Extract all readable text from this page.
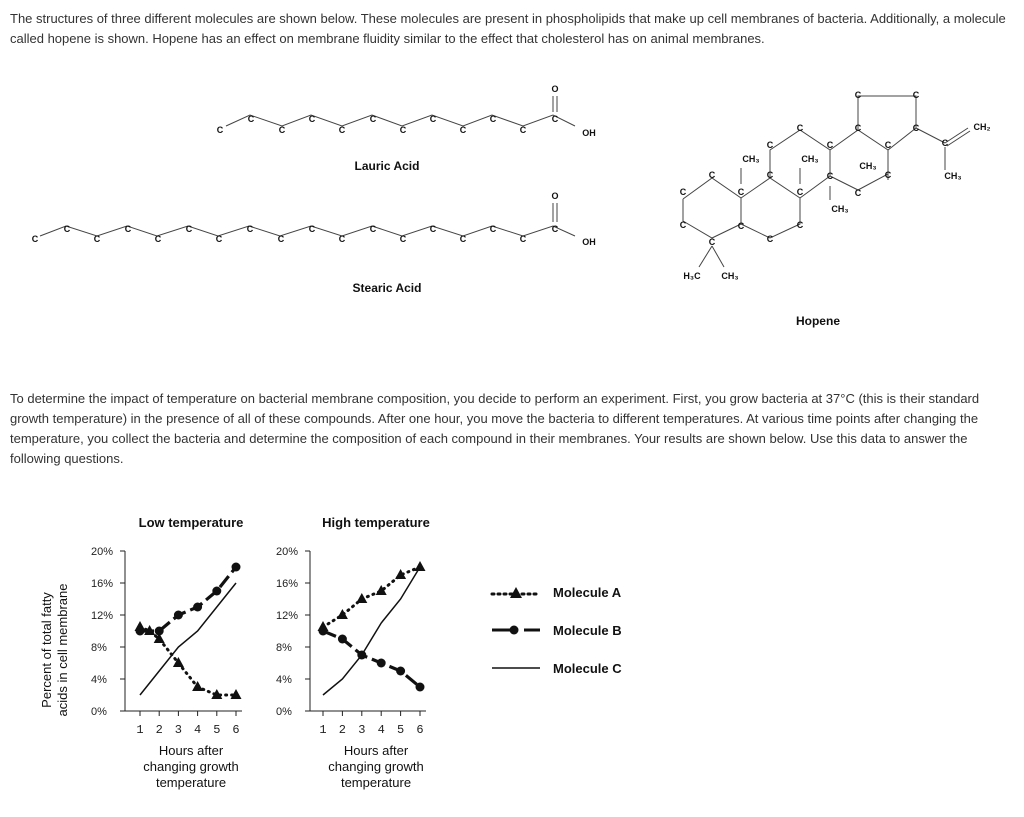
The structures of three different molecules are shown below. These molecules are present in phospholipids that make up cell membranes of bacteria. Additionally, a molecule called hopene is shown. Hopene has an effect on membrane fluidity similar to the effect that cholesterol has on animal membranes.
To determine the impact of temperature on bacterial membrane composition, you decide to perform an experiment. First, you grow bacteria at 37°C (this is their standard growth temperature) in the presence of all of these compounds. After one hour, you move the bacteria to different temperatures. At various time points after changing the temperature, you collect the bacteria and determine the composition of each compound in their membranes. Your results are shown below. Use this data to answer the following questions.
C
C
C
C
C
C
C
C
C
C
C
C
O
OH
Lauric Acid
C
C
C
C
C
C
C
C
C
C
C
C
C
C
C
C
C
C
O
OH
Stearic Acid
C
C
C
C
C
C	C
C
C
C
C
C
C
C
C
C
C
C
C	C
C
C
CH₂
CH₃	CH₃
CH₃
CH₃
CH₃
H₃C CH₃
Hopene
Percent of total fatty acids in cell membrane
Low temperature
20%
16%
12%
8%
4%
0%
1 2 3 4 5 6
Hours after
changing growth
temperature
High temperature
20%
16%
12%
8%
4%
0%
1 2 3 4 5 6
Hours after
changing growth
temperature
Molecule A
Molecule B
Molecule C
